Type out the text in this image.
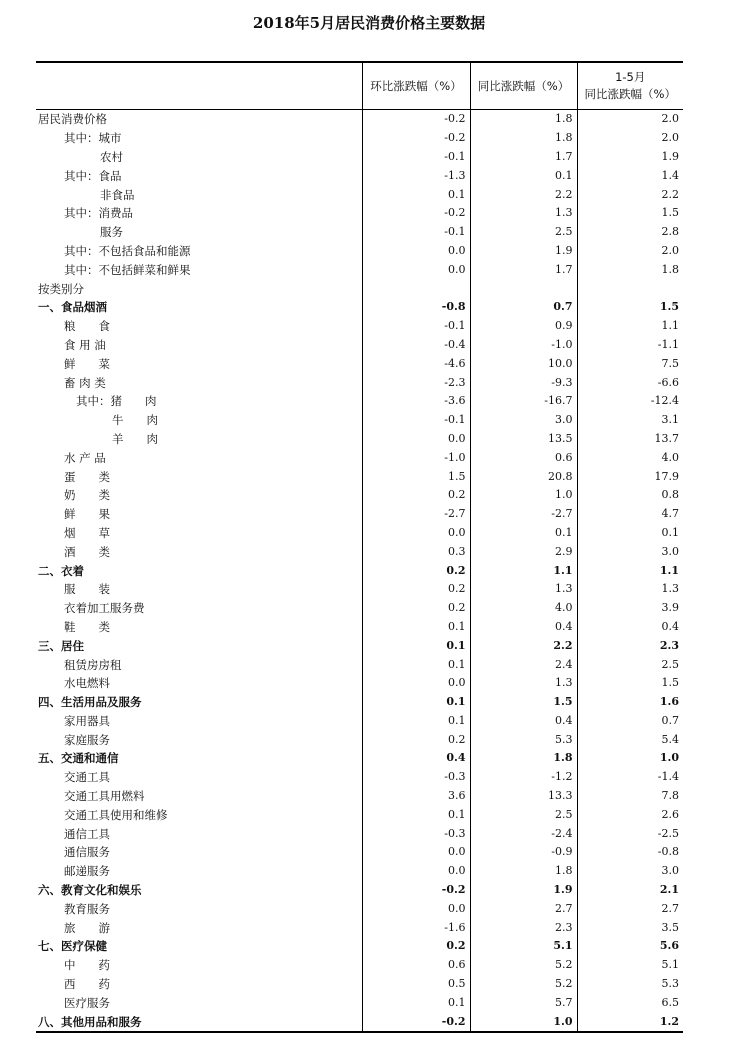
2018年5月居民消费价格主要数据
	环比涨跌幅（%）	同比涨跌幅（%）	1-5月
同比涨跌幅（%）

居民消费价格	-0.2	1.8	2.0
其中：城市	-0.2	1.8	2.0
农村	-0.1	1.7	1.9
其中：食品	-1.3	0.1	1.4
非食品	0.1	2.2	2.2
其中：消费品	-0.2	1.3	1.5
服务	-0.1	2.5	2.8
其中：不包括食品和能源	0.0	1.9	2.0
其中：不包括鲜菜和鲜果	0.0	1.7	1.8
按类别分			
一、食品烟酒	-0.8	0.7	1.5
粮　　食	-0.1	0.9	1.1
食 用 油	-0.4	-1.0	-1.1
鲜　　菜	-4.6	10.0	7.5
畜 肉 类	-2.3	-9.3	-6.6
其中：猪　　肉	-3.6	-16.7	-12.4
牛　　肉	-0.1	3.0	3.1
羊　　肉	0.0	13.5	13.7
水 产 品	-1.0	0.6	4.0
蛋　　类	1.5	20.8	17.9
奶　　类	0.2	1.0	0.8
鲜　　果	-2.7	-2.7	4.7
烟　　草	0.0	0.1	0.1
酒　　类	0.3	2.9	3.0
二、衣着	0.2	1.1	1.1
服　　装	0.2	1.3	1.3
衣着加工服务费	0.2	4.0	3.9
鞋　　类	0.1	0.4	0.4
三、居住	0.1	2.2	2.3
租赁房房租	0.1	2.4	2.5
水电燃料	0.0	1.3	1.5
四、生活用品及服务	0.1	1.5	1.6
家用器具	0.1	0.4	0.7
家庭服务	0.2	5.3	5.4
五、交通和通信	0.4	1.8	1.0
交通工具	-0.3	-1.2	-1.4
交通工具用燃料	3.6	13.3	7.8
交通工具使用和维修	0.1	2.5	2.6
通信工具	-0.3	-2.4	-2.5
通信服务	0.0	-0.9	-0.8
邮递服务	0.0	1.8	3.0
六、教育文化和娱乐	-0.2	1.9	2.1
教育服务	0.0	2.7	2.7
旅　　游	-1.6	2.3	3.5
七、医疗保健	0.2	5.1	5.6
中　　药	0.6	5.2	5.1
西　　药	0.5	5.2	5.3
医疗服务	0.1	5.7	6.5
八、其他用品和服务	-0.2	1.0	1.2
